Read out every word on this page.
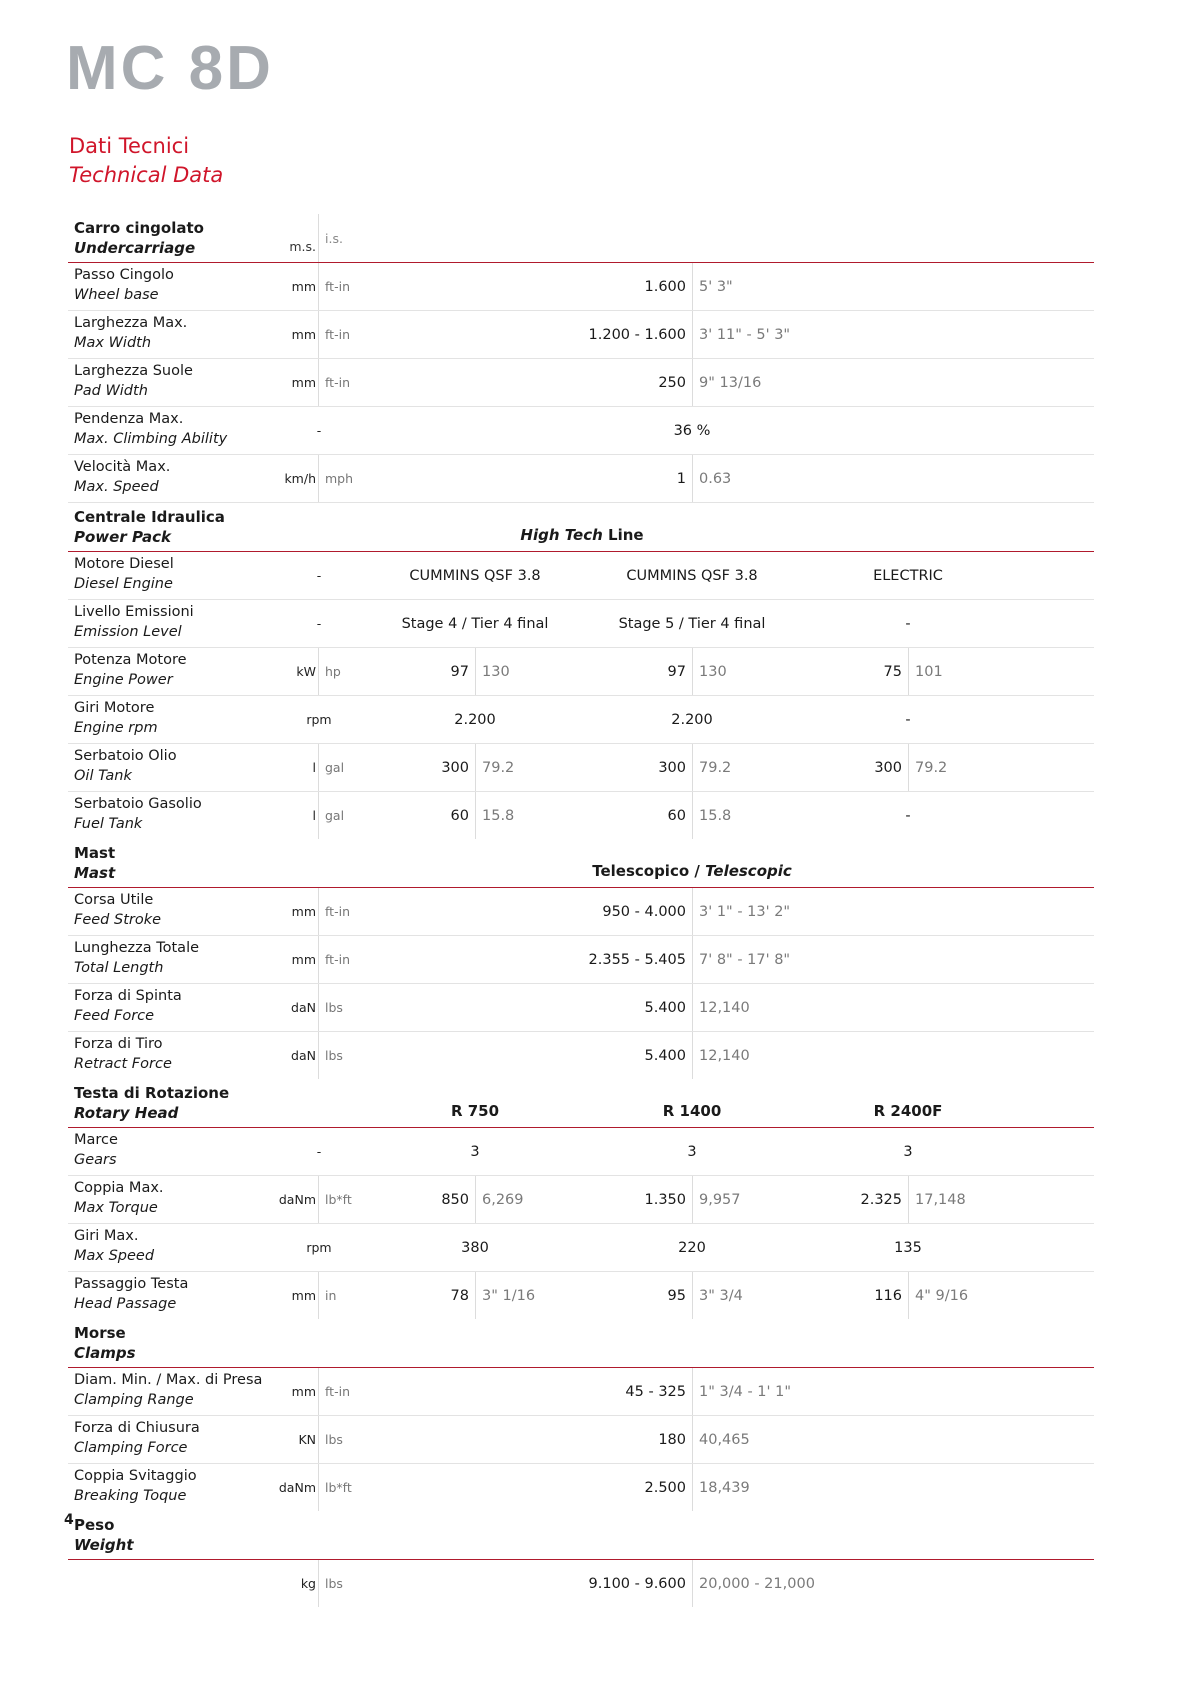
MC 8D
Dati Tecnici
Technical Data
Carro cingolato
Undercarriage	m.s.
i.s.
Passo Cingolo
Wheel base	mm ft-in	1.600 5' 3"
Larghezza Max.
Max Width	mm ft-in	1.200 - 1.600 3' 11" - 5' 3"
Larghezza Suole
Pad Width	mm ft-in	250 9" 13/16
Pendenza Max.
Max. Climbing Ability	-	36 %
Velocità Max.
Max. Speed	km/h mph	1 0.63
Centrale Idraulica
Power Pack	High Tech
Line
Motore Diesel
Diesel Engine	-	CUMMINS QSF 3.8	CUMMINS QSF 3.8	ELECTRIC
Livello Emissioni
Emission Level	-	Stage 4 / Tier 4 final	Stage 5 / Tier 4 final	-
Potenza Motore
Engine Power	kW hp	97 130	97 130	75 101
Giri Motore
Engine rpm	rpm	2.200	2.200	-
Serbatoio Olio
Oil Tank	l gal	300 79.2	300 79.2	300 79.2
Serbatoio Gasolio
Fuel Tank	l gal	60 15.8	60 15.8	-
Mast
Mast	Telescopico /
Telescopic
Corsa Utile
Feed Stroke	mm ft-in	950 - 4.000 3' 1" - 13' 2"
Lunghezza Totale
Total Length	mm ft-in	2.355 - 5.405 7' 8" - 17' 8"
Forza di Spinta
Feed Force	daN lbs	5.400 12,140
Forza di Tiro
Retract Force	daN lbs	5.400 12,140
Testa di Rotazione
Rotary Head	R 750	R 1400	R 2400F
Marce
Gears	-	3	3	3
Coppia Max.
Max Torque	daNm lb*ft	850 6,269	1.350 9,957	2.325 17,148
Giri Max.
Max Speed	rpm	380	220	135
Passaggio Testa
Head Passage	mm in	78 3" 1/16	95 3" 3/4	116 4" 9/16
Morse
Clamps
Diam. Min. / Max. di Presa
Clamping Range	mm ft-in	45 - 325 1" 3/4 - 1' 1"
Forza di Chiusura
Clamping Force	KN lbs	180 40,465
Coppia Svitaggio
Breaking Toque	daNm lb*ft	2.500 18,439
Peso
Weight
kg lbs	9.100 - 9.600 20,000 - 21,000
4
